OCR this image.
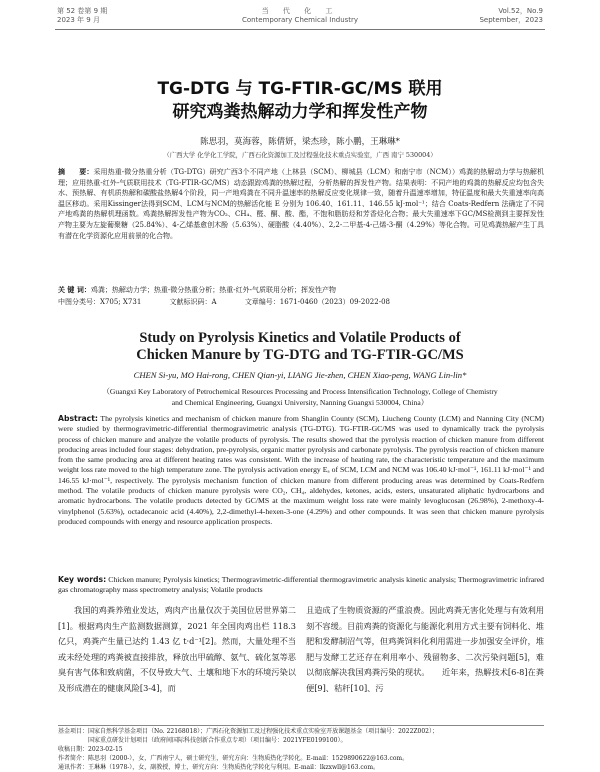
第 52 卷第 9 期
2023 年 9 月
当 代 化 工
Contemporary Chemical Industry
Vol.52，No.9
September，2023
TG-DTG 与 TG-FTIR-GC/MS 联用
研究鸡粪热解动力学和挥发性产物
陈思羽，莫海蓉，陈倩妍，梁杰珍，陈小鹏，王琳琳*
（广西大学 化学化工学院，广西石化资源加工及过程强化技术重点实验室，广西 南宁 530004）
摘　　要：采用热重-微分热重分析（TG-DTG）研究广西3个不同产地（上林县（SCM）、柳城县（LCM）和南宁市（NCM））鸡粪的热解动力学与热解机理；应用热重-红外-气质联用技术（TG-FTIR-GC/MS）动态跟踪鸡粪的热解过程，分析热解的挥发性产物。结果表明：不同产地的鸡粪的热解反应均包含失水、预热解、有机质热解和碳酸盐热解4个阶段，同一产地鸡粪在不同升温速率的热解反应变化规律一致，随着升温速率增加，特征温度和最大失重速率向高温区移动。采用Kissinger法得到SCM、LCM与NCM的热解活化能 E 分别为 106.40、161.11、146.55 kJ·mol⁻¹；结合 Coats-Redfern 法确定了不同产地鸡粪的热解机理函数。鸡粪热解挥发性产物为CO₂、CH₄、醛、酮、酸、酯，不饱和脂肪烃和芳香烃化合物；最大失重速率下GC/MS检测到主要挥发性产物主要为左旋葡聚糖（25.84%）、4-乙烯基愈创木酚（5.63%）、硬脂酸（4.40%）、2,2-二甲基-4-己烯-3-酮（4.29%）等化合物。可见鸡粪热解产生丁具有潜在化学资源化应用前景的化合物。
关 键 词：鸡粪；热解动力学；热重-微分热重分析；热重-红外-气质联用分析；挥发性产物
中图分类号：X705; X731	文献标识码：A	文章编号：1671-0460（2023）09-2022-08
Study on Pyrolysis Kinetics and Volatile Products of
Chicken Manure by TG-DTG and TG-FTIR-GC/MS
CHEN Si-yu, MO Hai-rong, CHEN Qian-yi, LIANG Jie-zhen, CHEN Xiao-peng, WANG Lin-lin*
（Guangxi Key Laboratory of Petrochemical Resources Processing and Process Intensification Technology, College of Chemistry
and Chemical Engineering, Guangxi University, Nanning Guangxi 530004, China）
Abstract: The pyrolysis kinetics and mechanism of chicken manure from Shanglin County (SCM), Liucheng County (LCM) and Nanning City (NCM) were studied by thermogravimetric-differential thermogravimetric analysis (TG-DTG). TG-FTIR-GC/MS was used to dynamically track the pyrolysis process of chicken manure and analyze the volatile products of pyrolysis. The results showed that the pyrolysis reaction of chicken manure from different producing areas included four stages: dehydration, pre-pyrolysis, organic matter pyrolysis and carbonate pyrolysis. The pyrolysis reaction of chicken manure from the same producing area at different heating rates was consistent. With the increase of heating rate, the characteristic temperature and the maximum weight loss rate moved to the high temperature zone. The pyrolysis activation energy Eₐ of SCM, LCM and NCM was 106.40 kJ·mol⁻¹, 161.11 kJ·mol⁻¹ and 146.55 kJ·mol⁻¹, respectively. The pyrolysis mechanism function of chicken manure from different producing areas was determined by Coats-Redfern method. The volatile products of chicken manure pyrolysis were CO₂, CH₄, aldehydes, ketones, acids, esters, unsaturated aliphatic hydrocarbons and aromatic hydrocarbons. The volatile products detected by GC/MS at the maximum weight loss rate were mainly levoglucosan (26.98%), 2-methoxy-4-vinylphenol (5.63%), octadecanoic acid (4.40%), 2,2-dimethyl-4-hexen-3-one (4.29%) and other compounds. It was seen that chicken manure pyrolysis produced compounds with energy and resource application prospects.
Key words: Chicken manure; Pyrolysis kinetics; Thermogravimetric-differential thermogravimetric analysis kinetic analysis; Thermogravimetric infrared gas chromatography mass spectrometry analysis; Volatile products
我国的鸡粪养殖业发达，鸡肉产出量仅次于美国位居世界第二[1]。根据鸡肉生产监测数据测算，2021 年全国肉鸡出栏 118.3 亿只，鸡粪产生量已达约 1.43 亿 t·d⁻¹[2]。然而，大量处理不当或未经处理的鸡粪被直接排放，释放出甲硫醇、氨气、硫化氢等恶臭有害气体和致病菌，不仅导致大气、土壤和地下水的环境污染以及形成潜在的健康风险[3-4]，而
且造成了生物质资源的严重浪费。因此鸡粪无害化处理与有效利用刻不容缓。目前鸡粪的资源化与能源化利用方式主要有饲料化、堆肥和发酵制沼气等，但鸡粪饲料化利用需进一步加强安全评价，堆肥与发酵工艺还存在利用率小、残留物多、二次污染问题[5]，难以彻底解决我国鸡粪污染的现状。　　近年来，热解技术[6-8]在粪便[9]、秸秆[10]、污
基金项目：国家自然科学基金项目（No. 22168018）；广西石化资源加工及过程强化技术重点实验室开放课题基金（项目编号：2022Z002）；
　　　　　国家重点研发计划项目（政府间国际科技创新合作重点专项）（项目编号：2021YFE0199100）。
收稿日期：2023-02-15
作者简介：陈思羽（2000-），女，广西南宁人，硕士研究生，研究方向：生物质热化学转化。E-mail：1529890622@163.com。
通讯作者：王琳琳（1978-），女，副教授，博士，研究方向：生物质热化学转化与利用。E-mail：lkzxwll@163.com。
